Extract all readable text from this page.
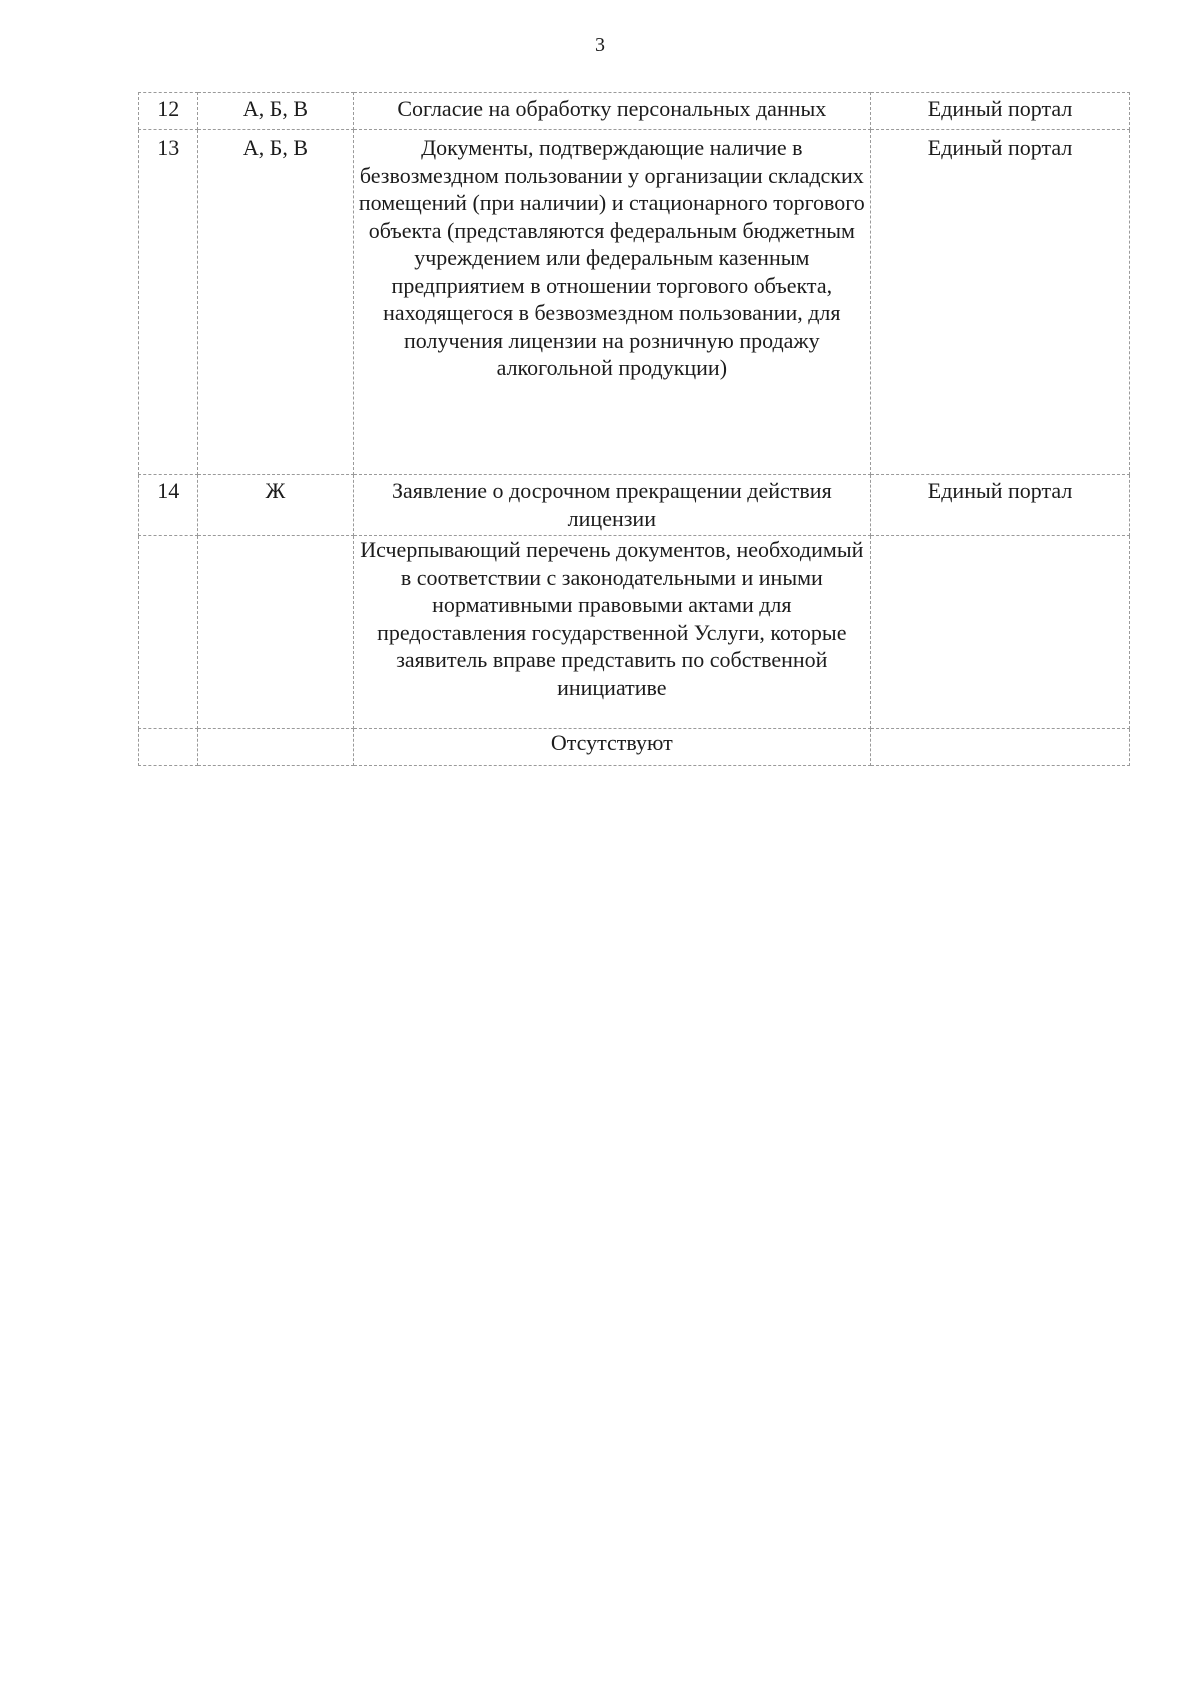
3
12	А, Б, В	Согласие на обработку персональных данных	Единый портал
13	А, Б, В	Документы, подтверждающие наличие в безвозмездном пользовании у организации складских помещений (при наличии) и стационарного торгового объекта (представляются федеральным бюджетным учреждением или федеральным казенным предприятием в отношении торгового объекта, находящегося в безвозмездном пользовании, для получения лицензии на розничную продажу алкогольной продукции)	Единый портал
14	Ж	Заявление о досрочном прекращении действия лицензии	Единый портал
		Исчерпывающий перечень документов, необходимый в соответствии с законодательными и иными нормативными правовыми актами для предоставления государственной Услуги, которые заявитель вправе представить по собственной инициативе	
		Отсутствуют	
